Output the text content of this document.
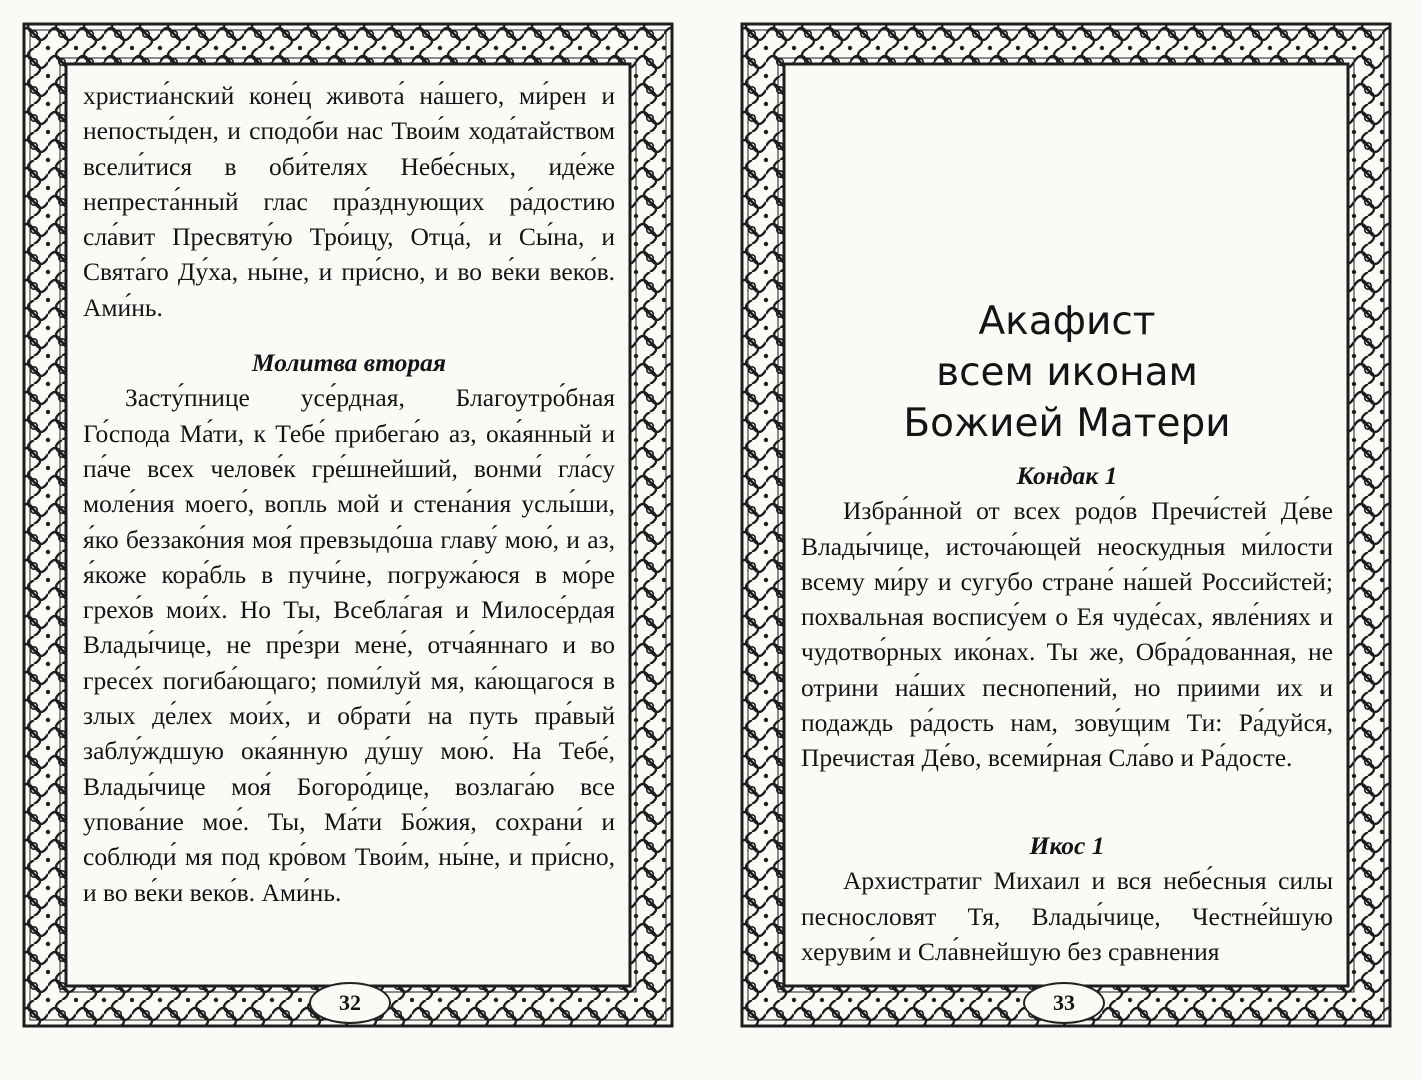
христиа́нский коне́ц живота́ на́шего, ми́рен и непосты́ден, и сподо́би нас Твои́м хода́тайством всели́тися в оби́телях Небе́сных, иде́же непреста́нный глас пра́зднующих ра́достию сла́вит Пресвяту́ю Тро́ицу, Отца́, и Сы́на, и Свята́го Ду́ха, ны́не, и при́сно, и во ве́ки веко́в. Ами́нь.

Молитва вторая

Засту́пнице усе́рдная, Благоутро́бная Го́спода Ма́ти, к Тебе́ прибега́ю аз, ока́янный и па́че всех челове́к гре́шнейший, вонми́ гла́су моле́ния моего́, вопль мой и стена́ния услы́ши, я́ко беззако́ния моя́ превзыдо́ша главу́ мою́, и аз, я́коже кора́бль в пучи́не, погружа́юся в мо́ре грехо́в мои́х. Но Ты, Всебла́гая и Милосе́рдая Влады́чице, не пре́зри мене́, отча́яннаго и во гресе́х погиба́ющаго; поми́луй мя, ка́ющагося в злых де́лех мои́х, и обрати́ на путь пра́вый заблу́ждшую ока́янную ду́шу мою́. На Тебе́, Влады́чице моя́ Богоро́дице, возлага́ю все упова́ние мое́. Ты, Ма́ти Бо́жия, сохрани́ и соблюди́ мя под кро́вом Твои́м, ны́не, и при́сно, и во ве́ки веко́в. Ами́нь.

32
Акафист
всем иконам
Божией Матери

Кондак 1

Избра́нной от всех родо́в Пречи́стей Де́ве Влады́чице, источа́ющей неоскудныя ми́лости всему ми́ру и сугубо стране́ на́шей Российстей; похвальная воспису́ем о Ея чуде́сах, явле́ниях и чудотво́рных ико́нах. Ты же, Обра́дованная, не отрини на́ших песнопений, но приими их и подаждь ра́дость нам, зову́щим Ти: Ра́дуйся, Пречистая Де́во, всеми́рная Сла́во и Ра́досте.

Икос 1

Архистратиг Михаил и вся небе́сныя силы песнословят Тя, Влады́чице, Честне́йшую херуви́м и Сла́внейшую без сравнения

33
